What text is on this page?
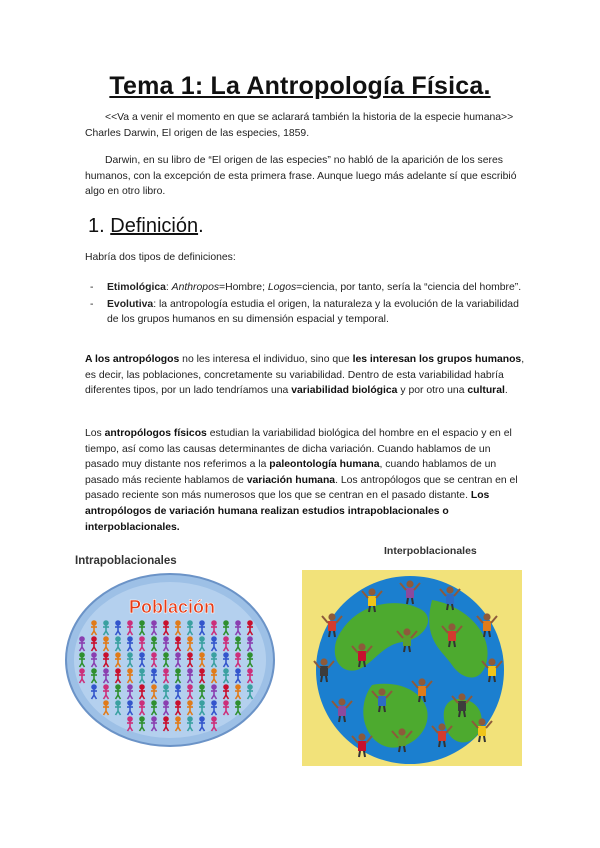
Tema 1: La Antropología Física.

<<Va a venir el momento en que se aclarará también la historia de la especie humana>>
Charles Darwin, El origen de las especies, 1859.

Darwin, en su libro de “El origen de las especies” no habló de la aparición de los seres humanos, con la excepción de esta primera frase. Aunque luego más adelante sí que escribió algo en otro libro.

1. Definición.

Habría dos tipos de definiciones:

- Etimológica: Anthropos=Hombre; Logos=ciencia, por tanto, sería la “ciencia del hombre”.
- Evolutiva: la antropología estudia el origen, la naturaleza y la evolución de la variabilidad de los grupos humanos en su dimensión espacial y temporal.

A los antropólogos no les interesa el individuo, sino que les interesan los grupos humanos, es decir, las poblaciones, concretamente su variabilidad. Dentro de esta variabilidad habría diferentes tipos, por un lado tendríamos una variabilidad biológica y por otro una cultural.

Los antropólogos físicos estudian la variabilidad biológica del hombre en el espacio y en el tiempo, así como las causas determinantes de dicha variación. Cuando hablamos de un pasado muy distante nos referimos a la paleontología humana, cuando hablamos de un pasado más reciente hablamos de variación humana. Los antropólogos que se centran en el pasado reciente son más numerosos que los que se centran en el pasado distante. Los antropólogos de variación humana realizan estudios intrapoblacionales o interpoblacionales.

Intrapoblacionales
Población
Interpoblacionales
